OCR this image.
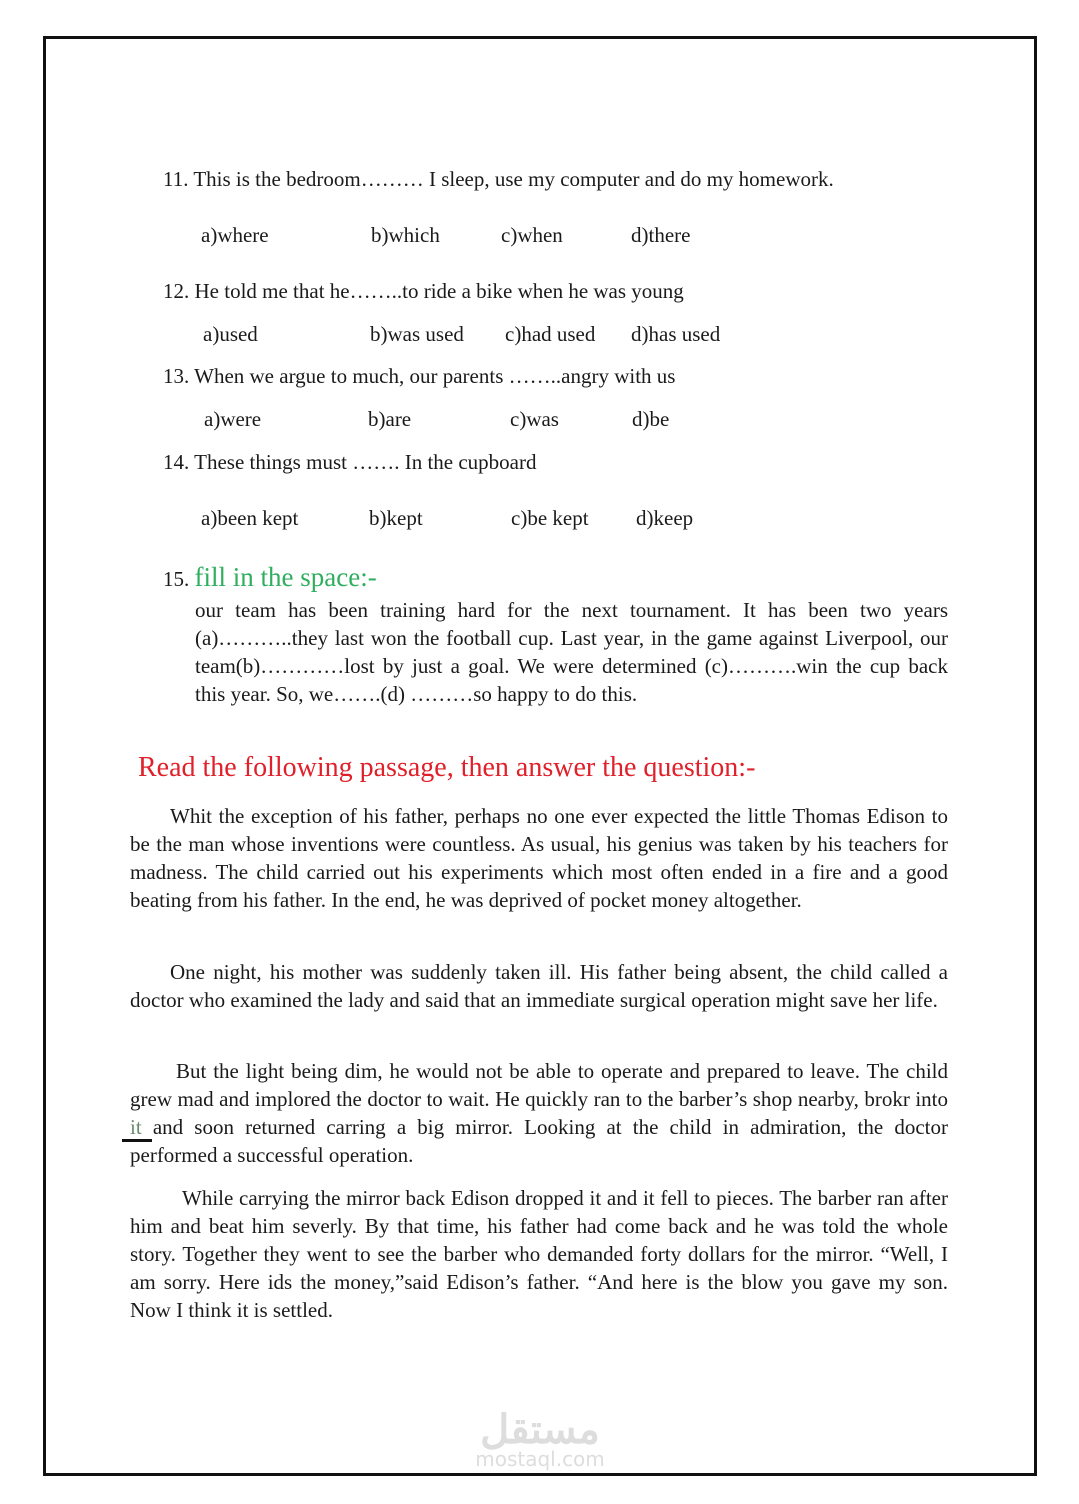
11. This is the bedroom……… I sleep, use my computer and do my homework.
a)where	b)which	c)when	d)there
12. He told me that he……..to ride a bike when he was young
a)used	b)was used c)had used d)has used
13. When we argue to much, our parents ……..angry with us
a)were	b)are	c)was	d)be
14. These things must ……. In the cupboard
a)been kept	b)kept	c)be kept d)keep
15. fill in the space:-
our team has been training hard for the next tournament. It has been two years (a)………..they last won the football cup. Last year, in the game against Liverpool, our team(b)…………lost by just a goal. We were determined (c)……….win the cup back this year. So, we…….(d) ………so happy to do this.
Read the following passage, then answer the question:-
Whit the exception of his father, perhaps no one ever expected the little Thomas Edison to be the man whose inventions were countless. As usual, his genius was taken by his teachers for madness. The child carried out his experiments which most often ended in a fire and a good beating from his father. In the end, he was deprived of pocket money altogether.
One night, his mother was suddenly taken ill. His father being absent, the child called a doctor who examined the lady and said that an immediate surgical operation might save her life.
But the light being dim, he would not be able to operate and prepared to leave. The child grew mad and implored the doctor to wait. He quickly ran to the barber’s shop nearby, brokr into
it and soon returned carring a big mirror. Looking at the child in admiration, the doctor performed a successful operation.
While carrying the mirror back Edison dropped it and it fell to pieces. The barber ran after him and beat him severly. By that time, his father had come back and he was told the whole story. Together they went to see the barber who demanded forty dollars for the mirror. “Well, I am sorry. Here ids the money,”said Edison’s father. “And here is the blow you gave my son. Now I think it is settled.
مستقل
mostaql.com
